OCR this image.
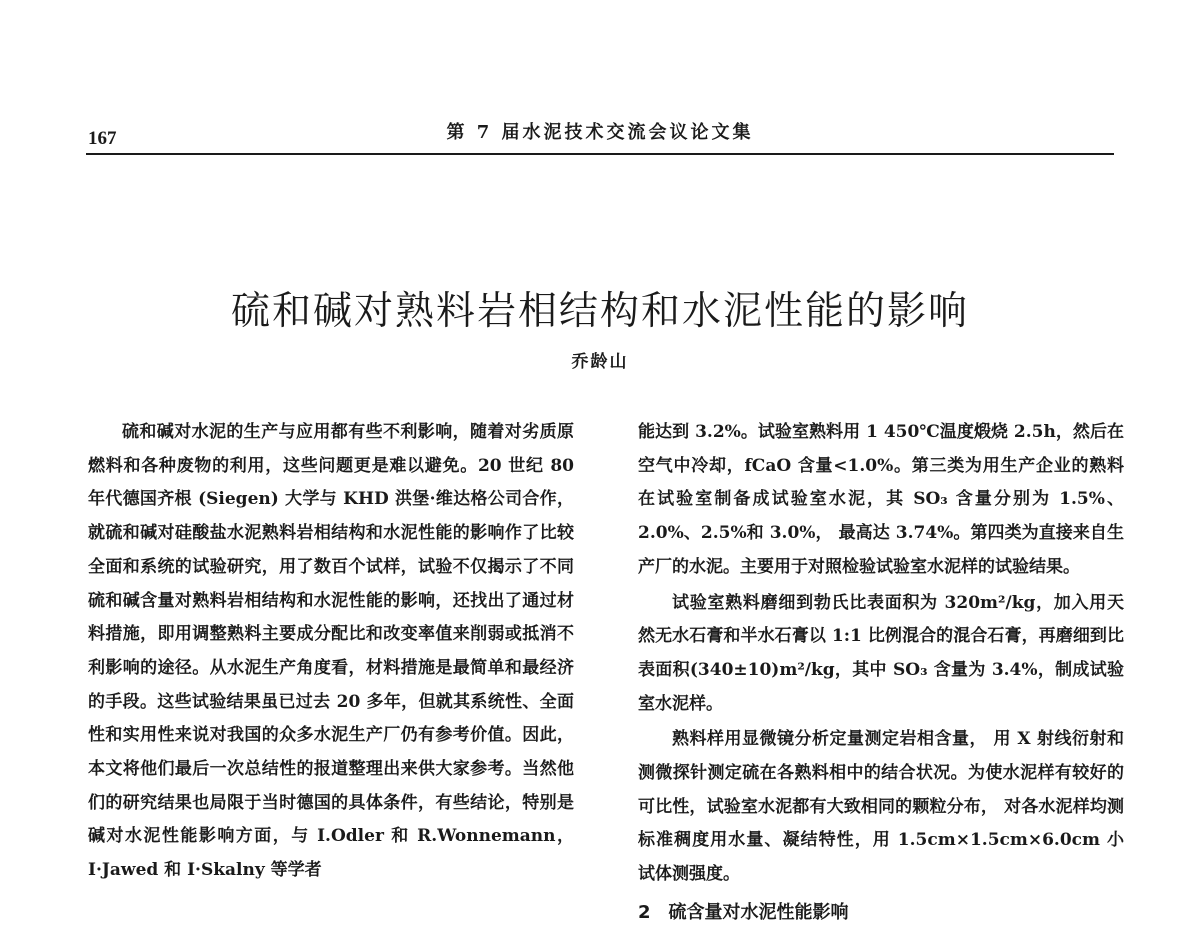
167	第 7 届水泥技术交流会议论文集
硫和碱对熟料岩相结构和水泥性能的影响
乔龄山

硫和碱对水泥的生产与应用都有些不利影响，随着对劣质原燃料和各种废物的利用，这些问题更是难以避免。20 世纪 80 年代德国齐根 (Siegen) 大学与 KHD 洪堡·维达格公司合作，就硫和碱对硅酸盐水泥熟料岩相结构和水泥性能的影响作了比较全面和系统的试验研究，用了数百个试样，试验不仅揭示了不同硫和碱含量对熟料岩相结构和水泥性能的影响，还找出了通过材料措施，即用调整熟料主要成分配比和改变率值来削弱或抵消不利影响的途径。从水泥生产角度看，材料措施是最简单和最经济的手段。这些试验结果虽已过去 20 多年，但就其系统性、全面性和实用性来说对我国的众多水泥生产厂仍有参考价值。因此，本文将他们最后一次总结性的报道整理出来供大家参考。当然他们的研究结果也局限于当时德国的具体条件，有些结论，特别是碱对水泥性能影响方面，与 I.Odler 和 R.Wonnemann，I·Jawed 和 I·Skalny 等学者

能达到 3.2%。试验室熟料用 1 450℃温度煅烧 2.5h，然后在空气中冷却，fCaO 含量<1.0%。第三类为用生产企业的熟料在试验室制备成试验室水泥，其 SO₃ 含量分别为 1.5%、2.0%、2.5%和 3.0%， 最高达 3.74%。第四类为直接来自生产厂的水泥。主要用于对照检验试验室水泥样的试验结果。

试验室熟料磨细到勃氏比表面积为 320m²/kg，加入用天然无水石膏和半水石膏以 1:1 比例混合的混合石膏，再磨细到比表面积(340±10)m²/kg，其中 SO₃ 含量为 3.4%，制成试验室水泥样。

熟料样用显微镜分析定量测定岩相含量， 用 X 射线衍射和测微探针测定硫在各熟料相中的结合状况。为使水泥样有较好的可比性，试验室水泥都有大致相同的颗粒分布， 对各水泥样均测标准稠度用水量、凝结特性，用 1.5cm×1.5cm×6.0cm 小试体测强度。

2 硫含量对水泥性能影响
